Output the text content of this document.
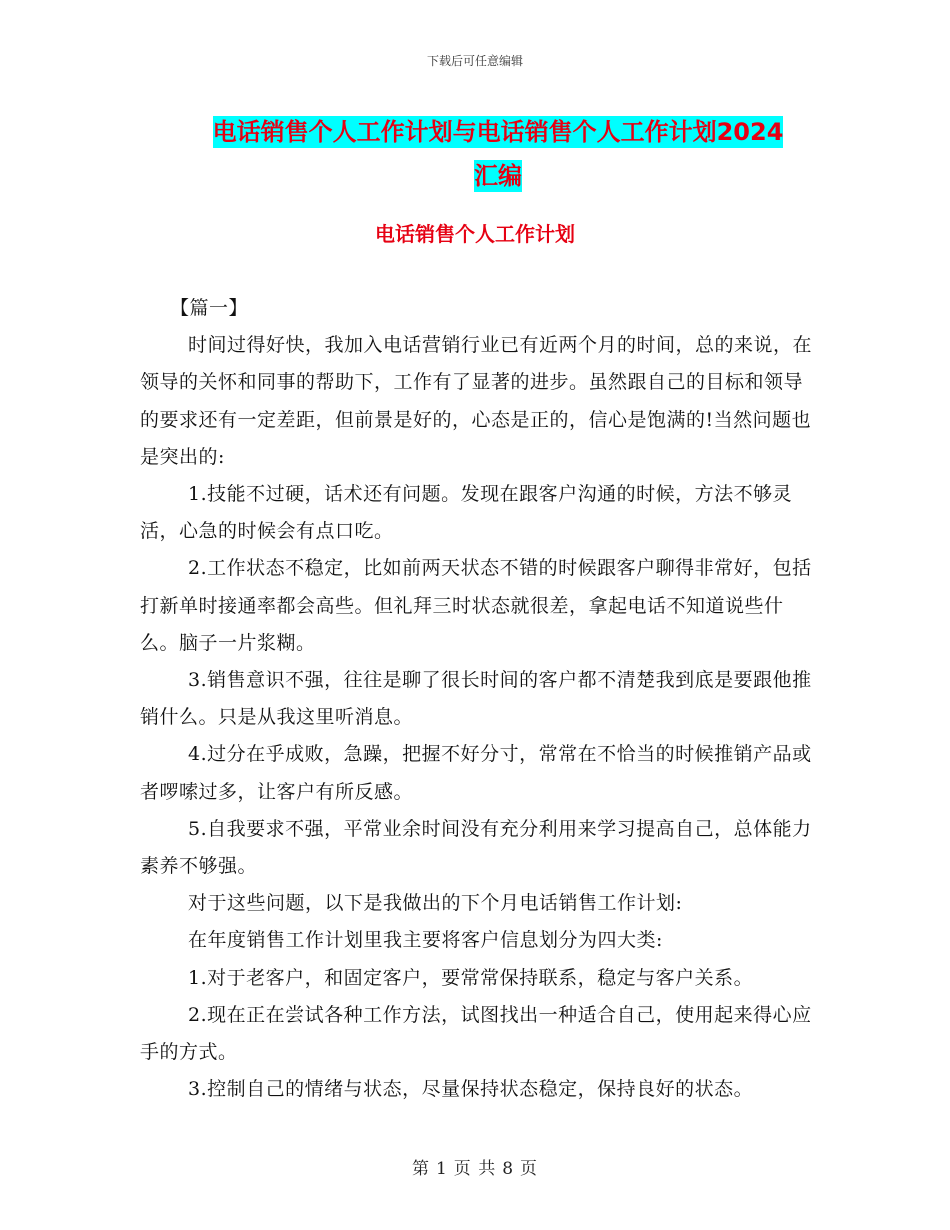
下载后可任意编辑
电话销售个人工作计划与电话销售个人工作计划2024
汇编
电话销售个人工作计划

【篇一】

时间过得好快，我加入电话营销行业已有近两个月的时间，总的来说，在领导的关怀和同事的帮助下，工作有了显著的进步。虽然跟自己的目标和领导的要求还有一定差距，但前景是好的，心态是正的，信心是饱满的!当然问题也是突出的:

1.技能不过硬，话术还有问题。发现在跟客户沟通的时候，方法不够灵活，心急的时候会有点口吃。

2.工作状态不稳定，比如前两天状态不错的时候跟客户聊得非常好，包括打新单时接通率都会高些。但礼拜三时状态就很差，拿起电话不知道说些什么。脑子一片浆糊。

3.销售意识不强，往往是聊了很长时间的客户都不清楚我到底是要跟他推销什么。只是从我这里听消息。

4.过分在乎成败，急躁，把握不好分寸，常常在不恰当的时候推销产品或者啰嗦过多，让客户有所反感。

5.自我要求不强，平常业余时间没有充分利用来学习提高自己，总体能力素养不够强。

对于这些问题，以下是我做出的下个月电话销售工作计划:

在年度销售工作计划里我主要将客户信息划分为四大类:

1.对于老客户，和固定客户，要常常保持联系，稳定与客户关系。

2.现在正在尝试各种工作方法，试图找出一种适合自己，使用起来得心应手的方式。

3.控制自己的情绪与状态，尽量保持状态稳定，保持良好的状态。

第 1 页 共 8 页
